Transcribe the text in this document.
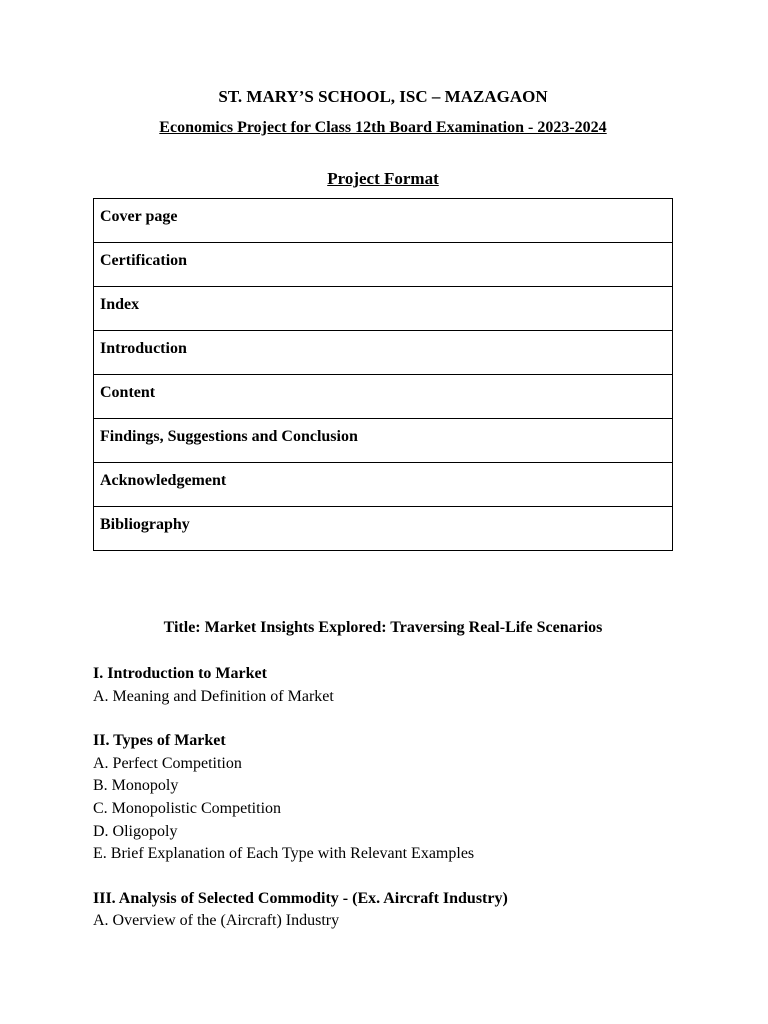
ST. MARY’S SCHOOL, ISC – MAZAGAON
Economics Project for Class 12th Board Examination - 2023-2024
Project Format
Cover page

Certification

Index

Introduction

Content

Findings, Suggestions and Conclusion

Acknowledgement

Bibliography
Title: Market Insights Explored: Traversing Real-Life Scenarios
I. Introduction to Market
A. Meaning and Definition of Market
II. Types of Market
A. Perfect Competition
B. Monopoly
C. Monopolistic Competition
D. Oligopoly
E. Brief Explanation of Each Type with Relevant Examples
III. Analysis of Selected Commodity - (Ex. Aircraft Industry)
A. Overview of the (Aircraft) Industry
